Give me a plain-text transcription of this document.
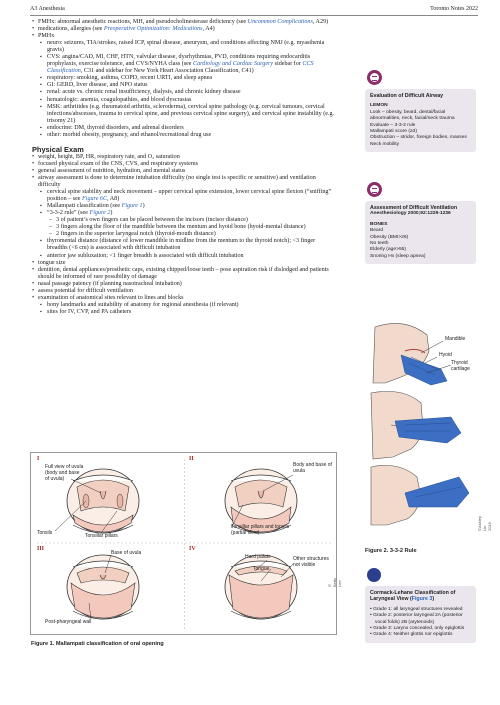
A3 Anesthesia	Toronto Notes 2022
• FMHx: abnormal anesthetic reactions, MH, and pseudocholinesterase deficiency (see Uncommon Complications, A29)
• medications, allergies (see Preoperative Optimization: Medications, A4)
• PMHx
▪ neuro: seizures, TIA/strokes, raised ICP, spinal disease, aneurysm, and conditions affecting NMJ (e.g. myasthenia gravis)
▪ CVS: angina/CAD, MI, CHF, HTN, valvular disease, dysrhythmias, PVD, conditions requiring endocarditis prophylaxis, exercise tolerance, and CVS/NYHA class (see Cardiology and Cardiac Surgery sidebar for CCS Classification, C31 and sidebar for New York Heart Association Classification, C41)
▪ respiratory: smoking, asthma, COPD, recent URTI, and sleep apnea
▪ GI: GERD, liver disease, and NPO status
▪ renal: acute vs. chronic renal insufficiency, dialysis, and chronic kidney disease
▪ hematologic: anemia, coagulopathies, and blood dyscrasias
▪ MSK: arthritides (e.g. rheumatoid arthritis, scleroderma), cervical spine pathology (e.g. cervical tumours, cervical infections/abscesses, trauma to cervical spine, and previous cervical spine surgery), and cervical spine instability (e.g. trisomy 21)
▪ endocrine: DM, thyroid disorders, and adrenal disorders
▪ other: morbid obesity, pregnancy, and ethanol/recreational drug use
Physical Exam
• weight, height, BP, HR, respiratory rate, and O₂ saturation
• focused physical exam of the CNS, CVS, and respiratory systems
• general assessment of nutrition, hydration, and mental status
• airway assessment is done to determine intubation difficulty (no single test is specific or sensitive) and ventilation difficulty
▪ cervical spine stability and neck movement – upper cervical spine extension, lower cervical spine flexion (“sniffing” position – see Figure 6C, A8)
▪ Mallampati classification (see Figure 1)
▪ “3-3-2 rule” (see Figure 2)
– 3 of patient’s own fingers can be placed between the incisors (incisor distance)
– 3 fingers along the floor of the mandible between the mentum and hyoid bone (hyoid-mental distance)
– 2 fingers in the superior laryngeal notch (thyroid-mouth distance)
▪ thyromental distance (distance of lower mandible in midline from the mentum to the thyroid notch); <3 finger breadths (<6 cm) is associated with difficult intubation
▪ anterior jaw subluxation; <1 finger breadth is associated with difficult intubation
• tongue size
• dentition, dental appliances/prosthetic caps, existing chipped/loose teeth – pose aspiration risk if dislodged and patients should be informed of rare possibility of damage
• nasal passage patency (if planning nasotracheal intubation)
• assess potential for difficult ventilation
• examination of anatomical sites relevant to lines and blocks
▪ bony landmarks and suitability of anatomy for regional anesthesia (if relevant)
▪ sites for IV, CVP, and PA catheters
I	II
III	IV
Full view of uvula (body and base of uvula)
Tonsils	Tonsillar pillars
Body and base of uvula
Tonsillar pillars and tonsils (partial view)
Base of uvula
Post-pharyngeal wall
Hard palate
Tongue
Other structures not visible
© Betty Lee
Figure 1. Mallampati classification of oral opening
Evaluation of Difficult Airway
LEMON
Look – obesity, beard, dental/facial abnormalities, neck, facial/neck trauma
Evaluate – 3-3-2 rule
Mallampati score (≥3)
Obstruction – stridor, foreign bodies, masses
Neck mobility
Assessment of Difficult Ventilation
Anesthesiology 2000;92:1229-1236
BONES
Beard
Obesity (BMI>26)
No teeth
Elderly (age>55)
Snoring Hx (sleep apnea)
Mandible
Hyoid
Thyroid cartilage
©Ashley Lin 2019
Figure 2. 3-3-2 Rule
Cormack-Lehane Classification of Laryngeal View (Figure 3)
• Grade 1: all laryngeal structures revealed
• Grade 2: posterior laryngeal 2A (posterior vocal folds) 2B (arytenoids)
• Grade 3: Larynx concealed, only epiglottis
• Grade 4: Neither glottis nor epiglottis
